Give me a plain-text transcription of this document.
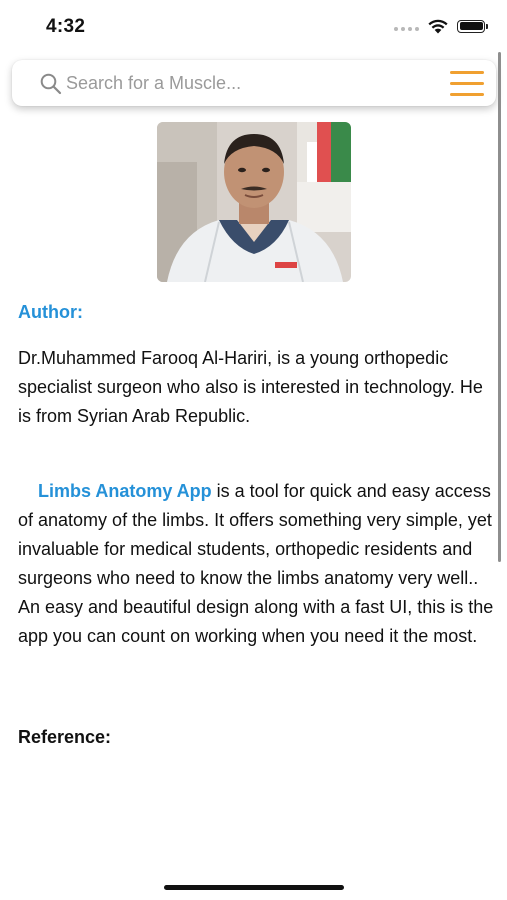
4:32
Search for a Muscle...
Author:

Dr.Muhammed Farooq Al-Hariri, is a young orthopedic specialist surgeon who also is interested in technology. He is from Syrian Arab Republic.

Limbs Anatomy App is a tool for quick and easy access of anatomy of the limbs. It offers something very simple, yet invaluable for medical students, orthopedic residents and surgeons who need to know the limbs anatomy very well.. An easy and beautiful design along with a fast UI, this is the app you can count on working when you need it the most.

Reference:
